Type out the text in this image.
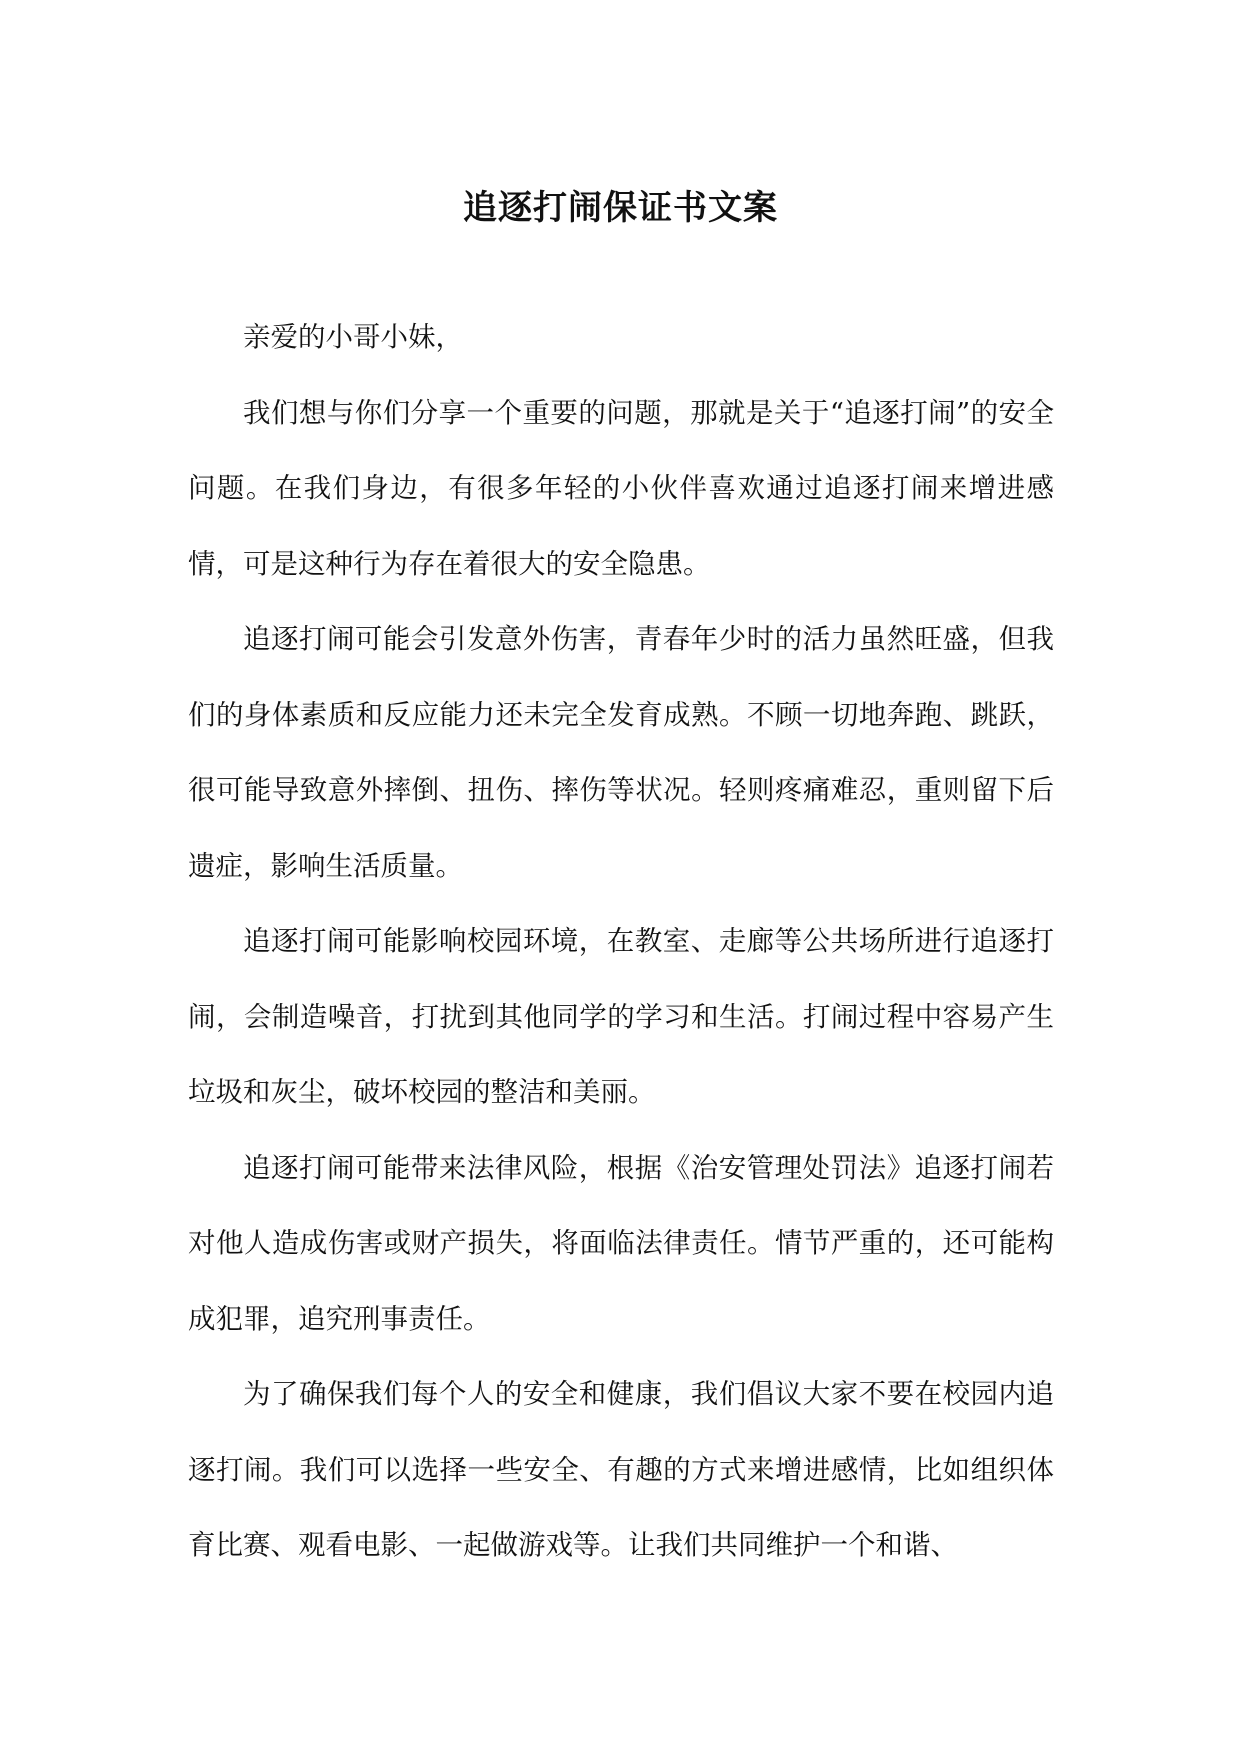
追逐打闹保证书文案

亲爱的小哥小妹，

我们想与你们分享一个重要的问题，那就是关于“追逐打闹”的安全问题。在我们身边，有很多年轻的小伙伴喜欢通过追逐打闹来增进感情，可是这种行为存在着很大的安全隐患。

追逐打闹可能会引发意外伤害，青春年少时的活力虽然旺盛，但我们的身体素质和反应能力还未完全发育成熟。不顾一切地奔跑、跳跃，很可能导致意外摔倒、扭伤、摔伤等状况。轻则疼痛难忍，重则留下后遗症，影响生活质量。

追逐打闹可能影响校园环境，在教室、走廊等公共场所进行追逐打闹，会制造噪音，打扰到其他同学的学习和生活。打闹过程中容易产生垃圾和灰尘，破坏校园的整洁和美丽。

追逐打闹可能带来法律风险，根据《治安管理处罚法》追逐打闹若对他人造成伤害或财产损失，将面临法律责任。情节严重的，还可能构成犯罪，追究刑事责任。

为了确保我们每个人的安全和健康，我们倡议大家不要在校园内追逐打闹。我们可以选择一些安全、有趣的方式来增进感情，比如组织体育比赛、观看电影、一起做游戏等。让我们共同维护一个和谐、
